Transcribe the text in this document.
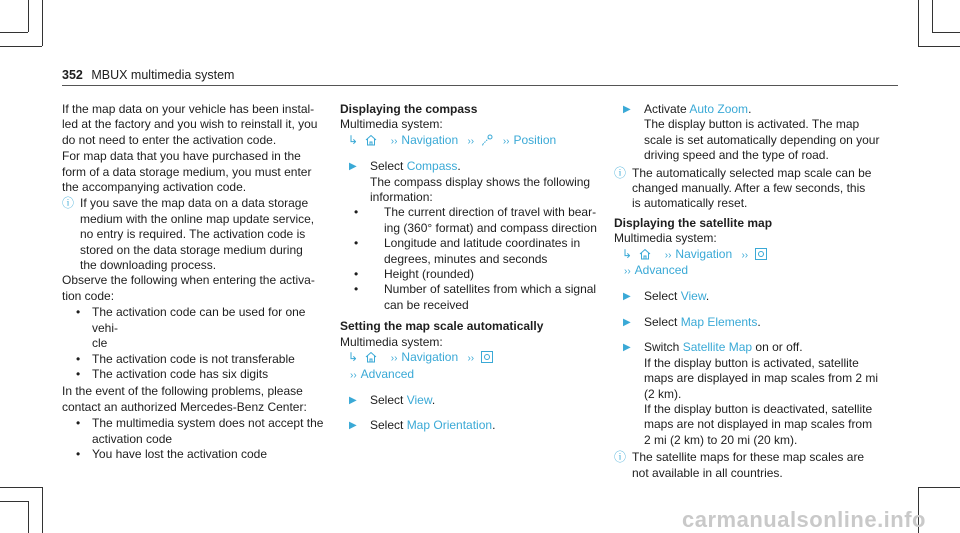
352 MBUX multimedia system
If the map data on your vehicle has been instal-
led at the factory and you wish to reinstall it, you
do not need to enter the activation code.
For map data that you have purchased in the
form of a data storage medium, you must enter
the accompanying activation code.
ⓘ If you save the map data on a data storage
medium with the online map update service,
no entry is required. The activation code is
stored on the data storage medium during
the downloading process.
Observe the following when entering the activa-
tion code:
• The activation code can be used for one vehi-
cle
• The activation code is not transferable
• The activation code has six digits
In the event of the following problems, please
contact an authorized Mercedes-Benz Center:
• The multimedia system does not accept the
activation code
• You have lost the activation code
Displaying the compass
Multimedia system:
↳	›› Navigation ››	›› Position
▶ Select Compass.
The compass display shows the following
information:
• The current direction of travel with bear-
ing (360° format) and compass direction
• Longitude and latitude coordinates in
degrees, minutes and seconds
• Height (rounded)
• Number of satellites from which a signal
can be received
Setting the map scale automatically
Multimedia system:
↳	›› Navigation ››
›› Advanced
▶ Select View.
▶ Select Map Orientation.
▶ Activate Auto Zoom.
The display button is activated. The map
scale is set automatically depending on your
driving speed and the type of road.
ⓘ The automatically selected map scale can be
changed manually. After a few seconds, this
is automatically reset.
Displaying the satellite map
Multimedia system:
↳	›› Navigation ››
›› Advanced
▶ Select View.
▶ Select Map Elements.
▶ Switch Satellite Map on or off.
If the display button is activated, satellite
maps are displayed in map scales from 2 mi
(2 km).
If the display button is deactivated, satellite
maps are not displayed in map scales from
2 mi (2 km) to 20 mi (20 km).
ⓘ The satellite maps for these map scales are
not available in all countries.
carmanualsonline.info
